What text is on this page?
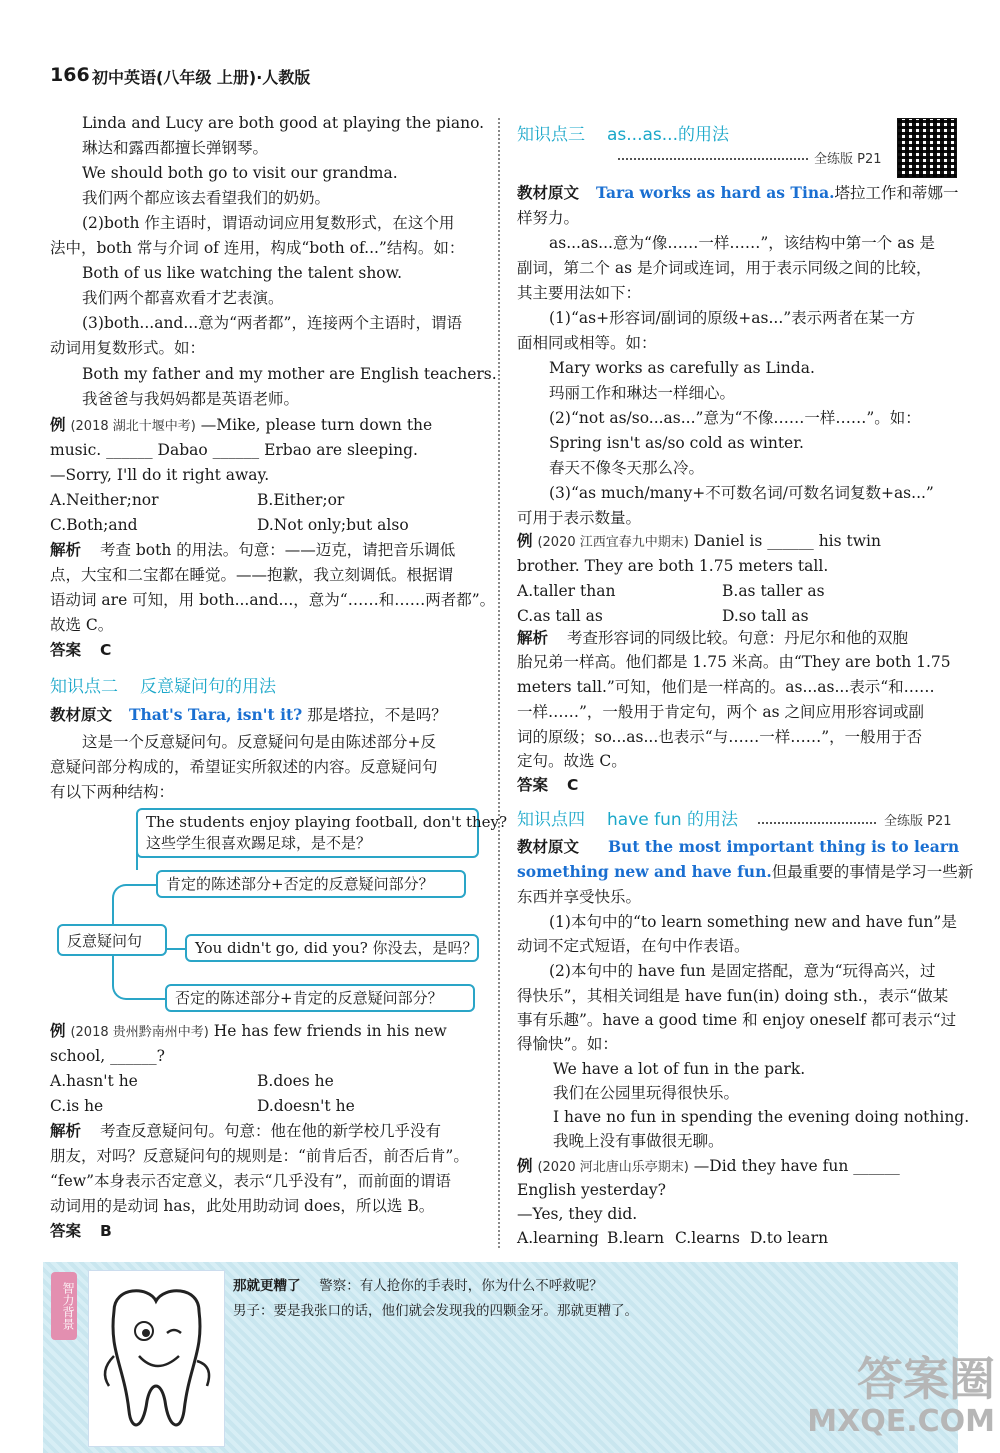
166 初中英语(八年级 上册)·人教版
Linda and Lucy are both good at playing the piano.
琳达和露西都擅长弹钢琴。
We should both go to visit our grandma.
我们两个都应该去看望我们的奶奶。
(2)both 作主语时，谓语动词应用复数形式，在这个用
法中，both 常与介词 of 连用，构成“both of...”结构。如：
Both of us like watching the talent show.
我们两个都喜欢看才艺表演。
(3)both...and...意为“两者都”，连接两个主语时，谓语
动词用复数形式。如：
Both my father and my mother are English teachers.
我爸爸与我妈妈都是英语老师。
例 (2018 湖北十堰中考) —Mike, please turn down the
music. ______ Dabao ______ Erbao are sleeping.
—Sorry, I'll do it right away.
A.Neither;nor	B.Either;or
C.Both;and	D.Not only;but also
解析 考查 both 的用法。句意：——迈克，请把音乐调低
点，大宝和二宝都在睡觉。——抱歉，我立刻调低。根据谓
语动词 are 可知，用 both...and...，意为“……和……两者都”。
故选 C。
答案 C
知识点二 反意疑问句的用法
教材原文 That's Tara, isn't it? 那是塔拉，不是吗？
这是一个反意疑问句。反意疑问句是由陈述部分+反
意疑问部分构成的，希望证实所叙述的内容。反意疑问句
有以下两种结构：
The students enjoy playing football, don't they?
这些学生很喜欢踢足球，是不是？
肯定的陈述部分+否定的反意疑问部分？
反意疑问句	You didn't go, did you? 你没去，是吗？
否定的陈述部分+肯定的反意疑问部分？
例 (2018 贵州黔南州中考) He has few friends in his new
school, ______?
A.hasn't he	B.does he
C.is he	D.doesn't he
解析 考查反意疑问句。句意：他在他的新学校几乎没有
朋友，对吗？反意疑问句的规则是：“前肯后否，前否后肯”。
“few”本身表示否定意义，表示“几乎没有”，而前面的谓语
动词用的是动词 has，此处用助动词 does，所以选 B。
答案 B
知识点三 as...as...的用法
全练版 P21
教材原文 Tara works as hard as Tina.塔拉工作和蒂娜一
样努力。
as...as...意为“像……一样……”，该结构中第一个 as 是
副词，第二个 as 是介词或连词，用于表示同级之间的比较，
其主要用法如下：
(1)“as+形容词/副词的原级+as...”表示两者在某一方
面相同或相等。如：
Mary works as carefully as Linda.
玛丽工作和琳达一样细心。
(2)“not as/so...as...”意为“不像……一样……”。如：
Spring isn't as/so cold as winter.
春天不像冬天那么冷。
(3)“as much/many+不可数名词/可数名词复数+as...”
可用于表示数量。
例 (2020 江西宜春九中期末) Daniel is ______ his twin
brother. They are both 1.75 meters tall.
A.taller than	B.as taller as
C.as tall as	D.so tall as
解析 考查形容词的同级比较。句意：丹尼尔和他的双胞
胎兄弟一样高。他们都是 1.75 米高。由“They are both 1.75
meters tall.”可知，他们是一样高的。as...as...表示“和……
一样……”，一般用于肯定句，两个 as 之间应用形容词或副
词的原级；so...as...也表示“与……一样……”，一般用于否
定句。故选 C。
答案 C
知识点四 have fun 的用法	全练版 P21
教材原文 But the most important thing is to learn
something new and have fun.但最重要的事情是学习一些新
东西并享受快乐。
(1)本句中的“to learn something new and have fun”是
动词不定式短语，在句中作表语。
(2)本句中的 have fun 是固定搭配，意为“玩得高兴，过
得快乐”，其相关词组是 have fun(in) doing sth.，表示“做某
事有乐趣”。have a good time 和 enjoy oneself 都可表示“过
得愉快”。如：
We have a lot of fun in the park.
我们在公园里玩得很快乐。
I have no fun in spending the evening doing nothing.
我晚上没有事做很无聊。
例 (2020 河北唐山乐亭期末) —Did they have fun ______
English yesterday?
—Yes, they did.
A.learning B.learn C.learns D.to learn
智力背景	那就更糟了 警察：有人抢你的手表时，你为什么不呼救呢？
男子：要是我张口的话，他们就会发现我的四颗金牙。那就更糟了。
答案圈
MXQE.COM
